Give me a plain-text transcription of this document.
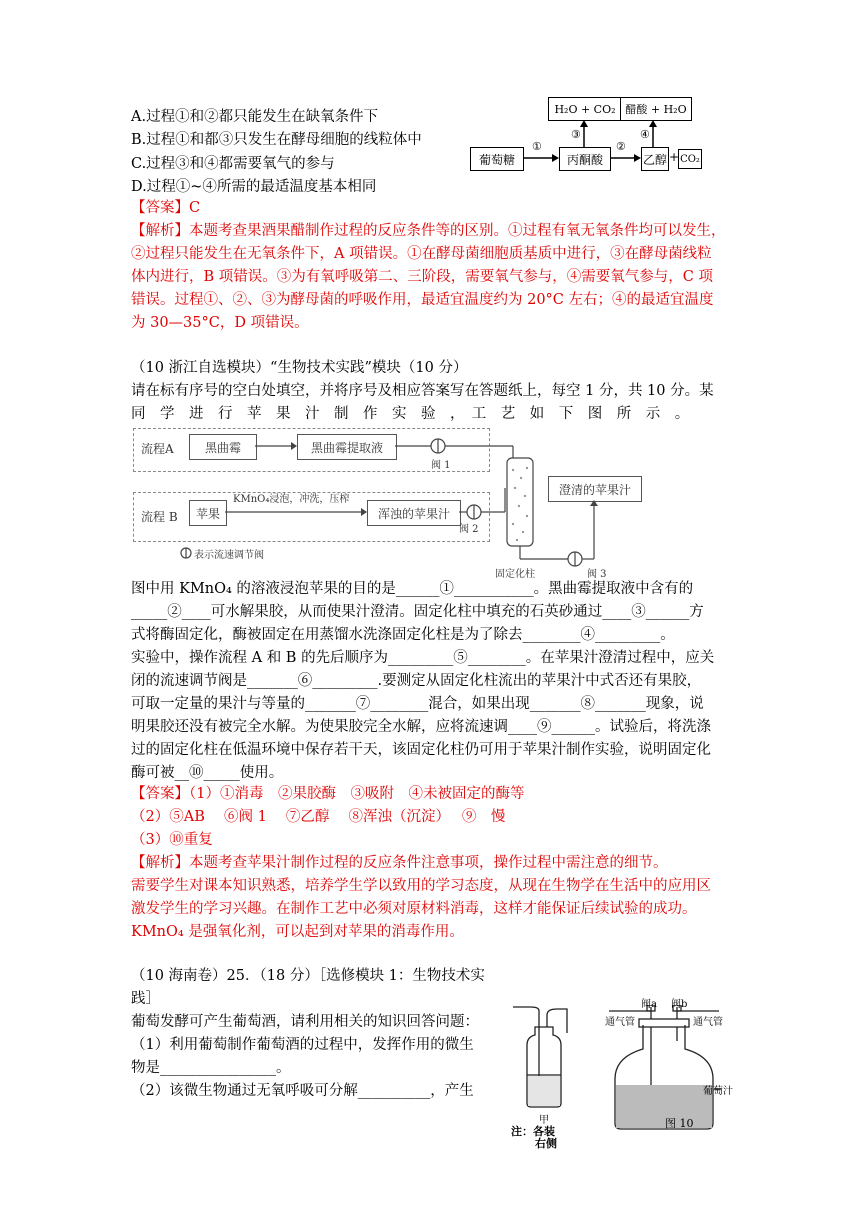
A.过程①和②都只能发生在缺氧条件下
B.过程①和都③只发生在酵母细胞的线粒体中
C.过程③和④都需要氧气的参与
D.过程①~④所需的最适温度基本相同
【答案】C
【解析】本题考查果酒果醋制作过程的反应条件等的区别。①过程有氧无氧条件均可以发生，
②过程只能发生在无氧条件下，A 项错误。①在酵母菌细胞质基质中进行，③在酵母菌线粒
体内进行，B 项错误。③为有氧呼吸第二、三阶段，需要氧气参与，④需要氧气参与，C 项
错误。过程①、②、③为酵母菌的呼吸作用，最适宜温度约为 20°C 左右；④的最适宜温度
为 30—35°C，D 项错误。
葡萄糖	丙酮酸	乙醇 CO₂
H₂O + CO₂ 醋酸 + H₂O
+
①	②
③	④
（10 浙江自选模块）“生物技术实践”模块（10 分）
请在标有序号的空白处填空，并将序号及相应答案写在答题纸上，每空 1 分，共 10 分。某
同　学　进　行　苹　果　汁　制　作　实　验　，　工　艺　如　下　图　所　示　。
流程A
流程 B
黑曲霉	黑曲霉提取液
苹果	浑浊的苹果汁
澄清的苹果汁
KMnO₄浸泡，冲洗，压榨
阀 1
阀 2
阀 3
固定化柱
表示流速调节阀
图中用 KMnO₄ 的溶液浸泡苹果的目的是______①___________。黑曲霉提取液中含有的
_____②____可水解果胶，从而使果汁澄清。固定化柱中填充的石英砂通过____③______方
式将酶固定化，酶被固定在用蒸馏水洗涤固定化柱是为了除去________④_________。
实验中，操作流程 A 和 B 的先后顺序为_________⑤________。在苹果汁澄清过程中，应关
闭的流速调节阀是_______⑥_________.要测定从固定化柱流出的苹果汁中式否还有果胶，
可取一定量的果汁与等量的_______⑦________混合，如果出现_______⑧_______现象，说
明果胶还没有被完全水解。为使果胶完全水解，应将流速调____⑨______。试验后，将洗涤
过的固定化柱在低温环境中保存若干天，该固定化柱仍可用于苹果汁制作实验，说明固定化
酶可被__⑩_____使用。
【答案】（1）①消毒　②果胶酶　③吸附　④未被固定的酶等
（2）⑤AB　 ⑥阀 1　 ⑦乙醇　 ⑧浑浊（沉淀）　 ⑨　慢
（3）⑩重复
【解析】本题考查苹果汁制作过程的反应条件注意事项，操作过程中需注意的细节。
需要学生对课本知识熟悉，培养学生学以致用的学习态度，从现在生物学在生活中的应用区
激发学生的学习兴趣。在制作工艺中必须对原材料消毒，这样才能保证后续试验的成功。
KMnO₄ 是强氧化剂，可以起到对苹果的消毒作用。
（10 海南卷）25．（18 分）［选修模块 1：生物技术实
践］
葡萄发酵可产生葡萄酒，请利用相关的知识回答问题：
（1）利用葡萄制作葡萄酒的过程中，发挥作用的微生
物是________________。
（2）该微生物通过无氧呼吸可分解__________，产生
阀a 阀b
通气管	通气管
葡萄汁
甲	图 10
注：各装
右侧
